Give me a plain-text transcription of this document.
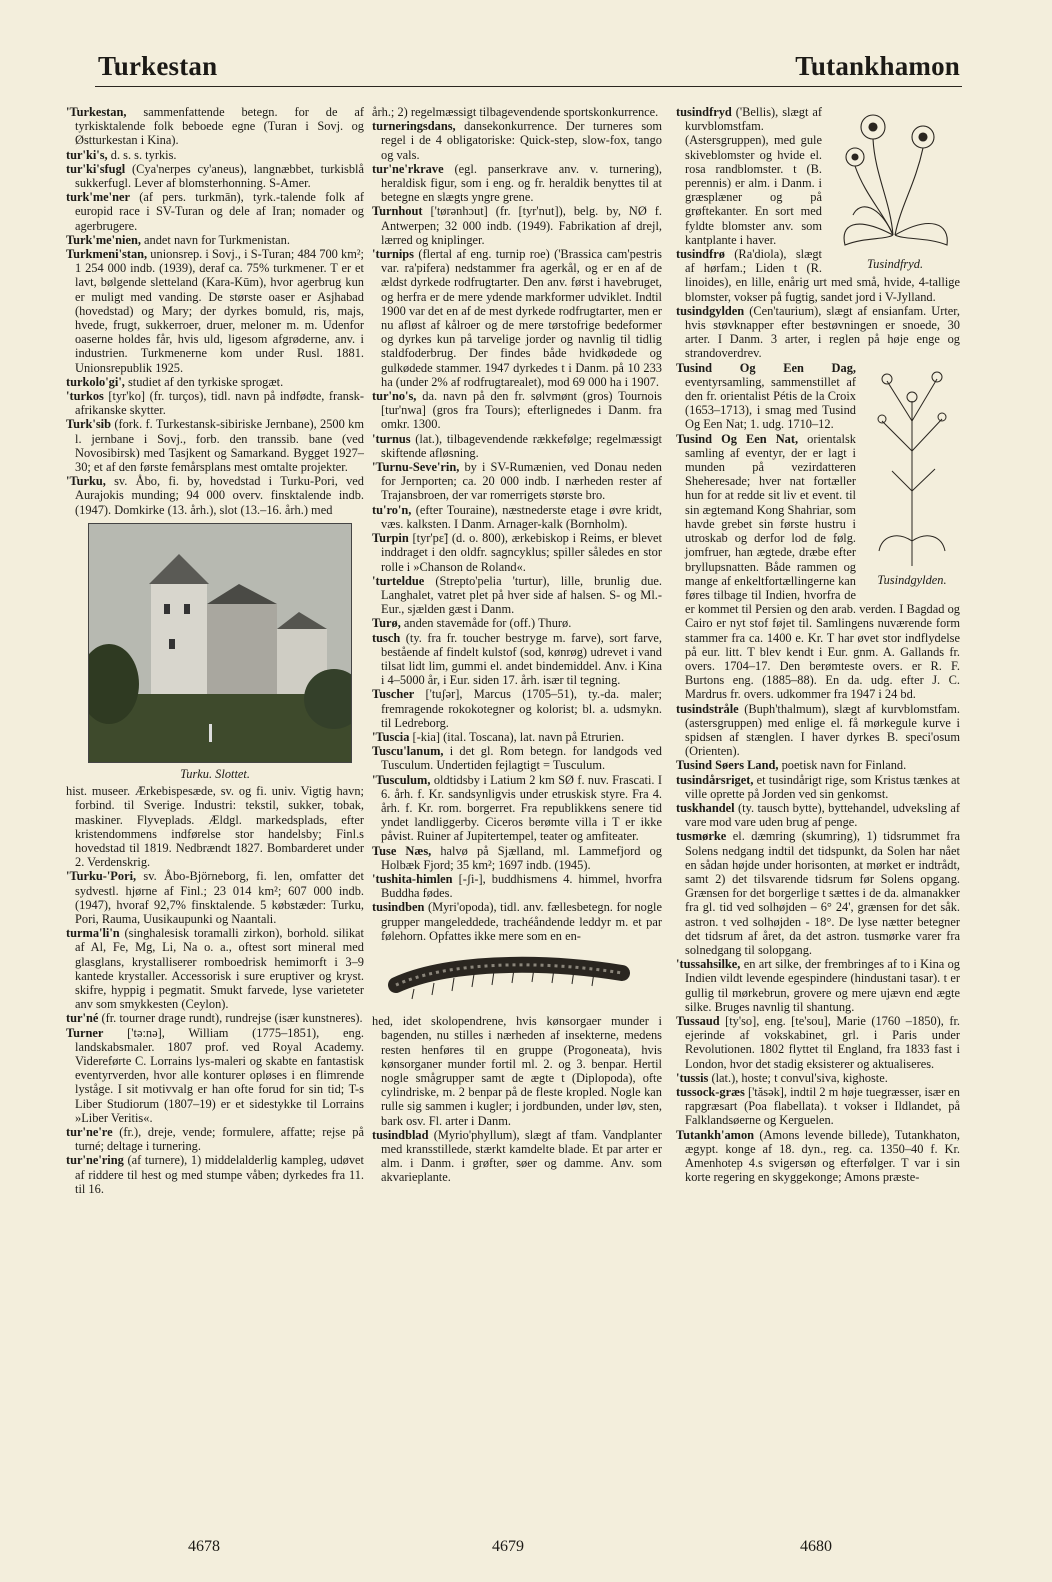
Turkestan	Tutankhamon
'Turkestan, sammenfattende betegn. for de af tyrkisktalende folk beboede egne (Turan i Sovj. og Østturkestan i Kina).
tur'ki's, d. s. s. tyrkis.
tur'ki'sfugl (Cya'nerpes cy'aneus), langnæbbet, turkisblå sukkerfugl. Lever af blomsterhonning. S-Amer.
turk'me'ner (af pers. turkmān), tyrk.-talende folk af europid race i SV-Turan og dele af Iran; nomader og agerbrugere.
Turk'me'nien, andet navn for Turkmenistan.
Turkmeni'stan, unionsrep. i Sovj., i S-Turan; 484 700 km²; 1 254 000 indb. (1939), deraf ca. 75% turkmener. T er et lavt, bølgende sletteland (Kara-Kūm), hvor agerbrug kun er muligt med vanding. De største oaser er Asjhabad (hovedstad) og Mary; der dyrkes bomuld, ris, majs, hvede, frugt, sukkerroer, druer, meloner m. m. Udenfor oaserne holdes får, hvis uld, ligesom afgrøderne, anv. i industrien. Turkmenerne kom under Rusl. 1881. Unionsrepublik 1925.
turkolo'gi', studiet af den tyrkiske sprogæt.
'turkos [tyr'ko] (fr. turços), tidl. navn på indfødte, fransk-afrikanske skytter.
Turk'sib (fork. f. Turkestansk-sibiriske Jernbane), 2500 km l. jernbane i Sovj., forb. den transsib. bane (ved Novosibirsk) med Tasjkent og Samarkand. Bygget 1927–30; et af den første femårsplans mest omtalte projekter.
'Turku, sv. Åbo, fi. by, hovedstad i Turku-Pori, ved Aurajokis munding; 94 000 overv. finsktalende indb. (1947). Domkirke (13. årh.), slot (13.–16. årh.) med
Turku. Slottet.
hist. museer. Ærkebispesæde, sv. og fi. univ. Vigtig havn; forbind. til Sverige. Industri: tekstil, sukker, tobak, maskiner. Flyveplads. Ældgl. markedsplads, efter kristendommens indførelse stor handelsby; Finl.s hovedstad til 1819. Nedbrændt 1827. Bombarderet under 2. Verdenskrig.
'Turku-'Pori, sv. Åbo-Björneborg, fi. len, omfatter det sydvestl. hjørne af Finl.; 23 014 km²; 607 000 indb. (1947), hvoraf 92,7% finsktalende. 5 købstæder: Turku, Pori, Rauma, Uusikaupunki og Naantali.
turma'li'n (singhalesisk toramalli zirkon), borhold. silikat af Al, Fe, Mg, Li, Na o. a., oftest sort mineral med glasglans, krystalliserer romboedrisk hemimorft i 3–9 kantede krystaller. Accessorisk i sure eruptiver og kryst. skifre, hyppig i pegmatit. Smukt farvede, lyse varieteter anv som smykkesten (Ceylon).
tur'né (fr. tourner drage rundt), rundrejse (især kunstneres).
Turner ['tə:nə], William (1775–1851), eng. landskabsmaler. 1807 prof. ved Royal Academy. Videreførte C. Lorrains lys-maleri og skabte en fantastisk eventyrverden, hvor alle konturer opløses i en flimrende lyståge. I sit motivvalg er han ofte forud for sin tid; T-s Liber Studiorum (1807–19) er et sidestykke til Lorrains »Liber Veritis«.
tur'ne're (fr.), dreje, vende; formulere, affatte; rejse på turné; deltage i turnering.
tur'ne'ring (af turnere), 1) middelalderlig kampleg, udøvet af riddere til hest og med stumpe våben; dyrkedes fra 11. til 16.
årh.; 2) regelmæssigt tilbagevendende sportskonkurrence.
turneringsdans, dansekonkurrence. Der turneres som regel i de 4 obligatoriske: Quick-step, slow-fox, tango og vals.
tur'ne'rkrave (egl. panserkrave anv. v. turnering), heraldisk figur, som i eng. og fr. heraldik benyttes til at betegne en slægts yngre grene.
Turnhout ['tørənhɔut] (fr. [tyr'nut]), belg. by, NØ f. Antwerpen; 32 000 indb. (1949). Fabrikation af drejl, lærred og kniplinger.
'turnips (flertal af eng. turnip roe) ('Brassica cam'pestris var. ra'pifera) nedstammer fra agerkål, og er en af de ældst dyrkede rodfrugtarter. Den anv. først i havebruget, og herfra er de mere ydende markformer udviklet. Indtil 1900 var det en af de mest dyrkede rodfrugtarter, men er nu afløst af kålroer og de mere tørstofrige bedeformer og dyrkes kun på tarvelige jorder og navnlig til tidlig staldfoderbrug. Der findes både hvidkødede og gulkødede stammer. 1947 dyrkedes t i Danm. på 10 233 ha (under 2% af rodfrugtarealet), mod 69 000 ha i 1907.
tur'no's, da. navn på den fr. sølvmønt (gros) Tournois [tur'nwa] (gros fra Tours); efterlignedes i Danm. fra omkr. 1300.
'turnus (lat.), tilbagevendende rækkefølge; regelmæssigt skiftende afløsning.
'Turnu-Seve'rin, by i SV-Rumænien, ved Donau neden for Jernporten; ca. 20 000 indb. I nærheden rester af Trajansbroen, der var romerrigets største bro.
tu'ro'n, (efter Touraine), næstnederste etage i øvre kridt, væs. kalksten. I Danm. Arnager-kalk (Bornholm).
Turpin [tyr'pɛ̃] (d. o. 800), ærkebiskop i Reims, er blevet inddraget i den oldfr. sagncyklus; spiller således en stor rolle i »Chanson de Roland«.
'turteldue (Strepto'pelia 'turtur), lille, brunlig due. Langhalet, vatret plet på hver side af halsen. S- og Ml.-Eur., sjælden gæst i Danm.
Turø, anden stavemåde for (off.) Thurø.
tusch (ty. fra fr. toucher bestryge m. farve), sort farve, bestående af findelt kulstof (sod, kønrøg) udrevet i vand tilsat lidt lim, gummi el. andet bindemiddel. Anv. i Kina i 4–5000 år, i Eur. siden 17. årh. især til tegning.
Tuscher ['tuʃər], Marcus (1705–51), ty.-da. maler; fremragende rokokotegner og kolorist; bl. a. udsmykn. til Ledreborg.
'Tuscia [-kia] (ital. Toscana), lat. navn på Etrurien.
Tuscu'lanum, i det gl. Rom betegn. for landgods ved Tusculum. Undertiden fejlagtigt = Tusculum.
'Tusculum, oldtidsby i Latium 2 km SØ f. nuv. Frascati. I 6. årh. f. Kr. sandsynligvis under etruskisk styre. Fra 4. årh. f. Kr. rom. borgerret. Fra republikkens senere tid yndet landliggerby. Ciceros berømte villa i T er ikke påvist. Ruiner af Jupitertempel, teater og amfiteater.
Tuse Næs, halvø på Sjælland, ml. Lammefjord og Holbæk Fjord; 35 km²; 1697 indb. (1945).
'tushita-himlen [-ʃi-], buddhismens 4. himmel, hvorfra Buddha fødes.
tusindben (Myri'opoda), tidl. anv. fællesbetegn. for nogle grupper mangeleddede, trachéåndende leddyr m. et par følehorn. Opfattes ikke mere som en en-
hed, idet skolopendrene, hvis kønsorgaer munder i bagenden, nu stilles i nærheden af insekterne, medens resten henføres til en gruppe (Progoneata), hvis kønsorganer munder fortil ml. 2. og 3. benpar. Hertil nogle smågrupper samt de ægte t (Diplopoda), ofte cylindriske, m. 2 benpar på de fleste kropled. Nogle kan rulle sig sammen i kugler; i jordbunden, under løv, sten, bark osv. Fl. arter i Danm.
tusindblad (Myrio'phyllum), slægt af tfam. Vandplanter med kransstillede, stærkt kamdelte blade. Et par arter er alm. i Danm. i grøfter, søer og damme. Anv. som akvarieplante.
Tusindfryd.
tusindfryd ('Bellis), slægt af kurvblomstfam. (Astersgruppen), med gule skiveblomster og hvide el. rosa randblomster. t (B. perennis) er alm. i Danm. i græsplæner og på grøftekanter. En sort med fyldte blomster anv. som kantplante i haver.
tusindfrø (Ra'diola), slægt af hørfam.; Liden t (R. linoides), en lille, enårig urt med små, hvide, 4-tallige blomster, vokser på fugtig, sandet jord i V-Jylland.
tusindgylden (Cen'taurium), slægt af ensianfam. Urter, hvis støvknapper efter bestøvningen er snoede, 30 arter. I Danm. 3 arter, i reglen på høje enge og strandoverdrev.
Tusindgylden.
Tusind Og Een Dag, eventyrsamling, sammenstillet af den fr. orientalist Pétis de la Croix (1653–1713), i smag med Tusind Og Een Nat; 1. udg. 1710–12.
Tusind Og Een Nat, orientalsk samling af eventyr, der er lagt i munden på vezirdatteren Sheheresade; hver nat fortæller hun for at redde sit liv et event. til sin ægtemand Kong Shahriar, som havde grebet sin første hustru i utroskab og derfor lod de følg. jomfruer, han ægtede, dræbe efter bryllupsnatten. Både rammen og mange af enkeltfortællingerne kan føres tilbage til Indien, hvorfra de er kommet til Persien og den arab. verden. I Bagdad og Cairo er nyt stof føjet til. Samlingens nuværende form stammer fra ca. 1400 e. Kr. T har øvet stor indflydelse på eur. litt. T blev kendt i Eur. gnm. A. Gallands fr. overs. 1704–17. Den berømteste overs. er R. F. Burtons eng. (1885–88). En da. udg. efter J. C. Mardrus fr. overs. udkommer fra 1947 i 24 bd.
tusindstråle (Buph'thalmum), slægt af kurvblomstfam. (astersgruppen) med enlige el. få mørkegule kurve i spidsen af stænglen. I haver dyrkes B. speci'osum (Orienten).
Tusind Søers Land, poetisk navn for Finland.
tusindårsriget, et tusindårigt rige, som Kristus tænkes at ville oprette på Jorden ved sin genkomst.
tuskhandel (ty. tausch bytte), byttehandel, udveksling af vare mod vare uden brug af penge.
tusmørke el. dæmring (skumring), 1) tidsrummet fra Solens nedgang indtil det tidspunkt, da Solen har nået en sådan højde under horisonten, at mørket er indtrådt, samt 2) det tilsvarende tidsrum før Solens opgang. Grænsen for det borgerlige t sættes i de da. almanakker fra gl. tid ved solhøjden – 6° 24', grænsen for det såk. astron. t ved solhøjden - 18°. De lyse nætter betegner det tidsrum af året, da det astron. tusmørke varer fra solnedgang til solopgang.
'tussahsilke, en art silke, der frembringes af to i Kina og Indien vildt levende egespindere (hindustani tasar). t er gullig til mørkebrun, grovere og mere ujævn end ægte silke. Bruges navnlig til shantung.
Tussaud [ty'so], eng. [te'sou], Marie (1760 –1850), fr. ejerinde af vokskabinet, grl. i Paris under Revolutionen. 1802 flyttet til England, fra 1833 fast i London, hvor det stadig eksisterer og aktualiseres.
'tussis (lat.), hoste; t convul'siva, kighoste.
tussock-græs ['tăsək], indtil 2 m høje tuegræsser, især en rapgræsart (Poa flabellata). t vokser i Ildlandet, på Falklandsøerne og Kerguelen.
Tutankh'amon (Amons levende billede), Tutankhaton, ægypt. konge af 18. dyn., reg. ca. 1350–40 f. Kr. Amenhotep 4.s svigersøn og efterfølger. T var i sin korte regering en skyggekonge; Amons præste-
4678	4679	4680
